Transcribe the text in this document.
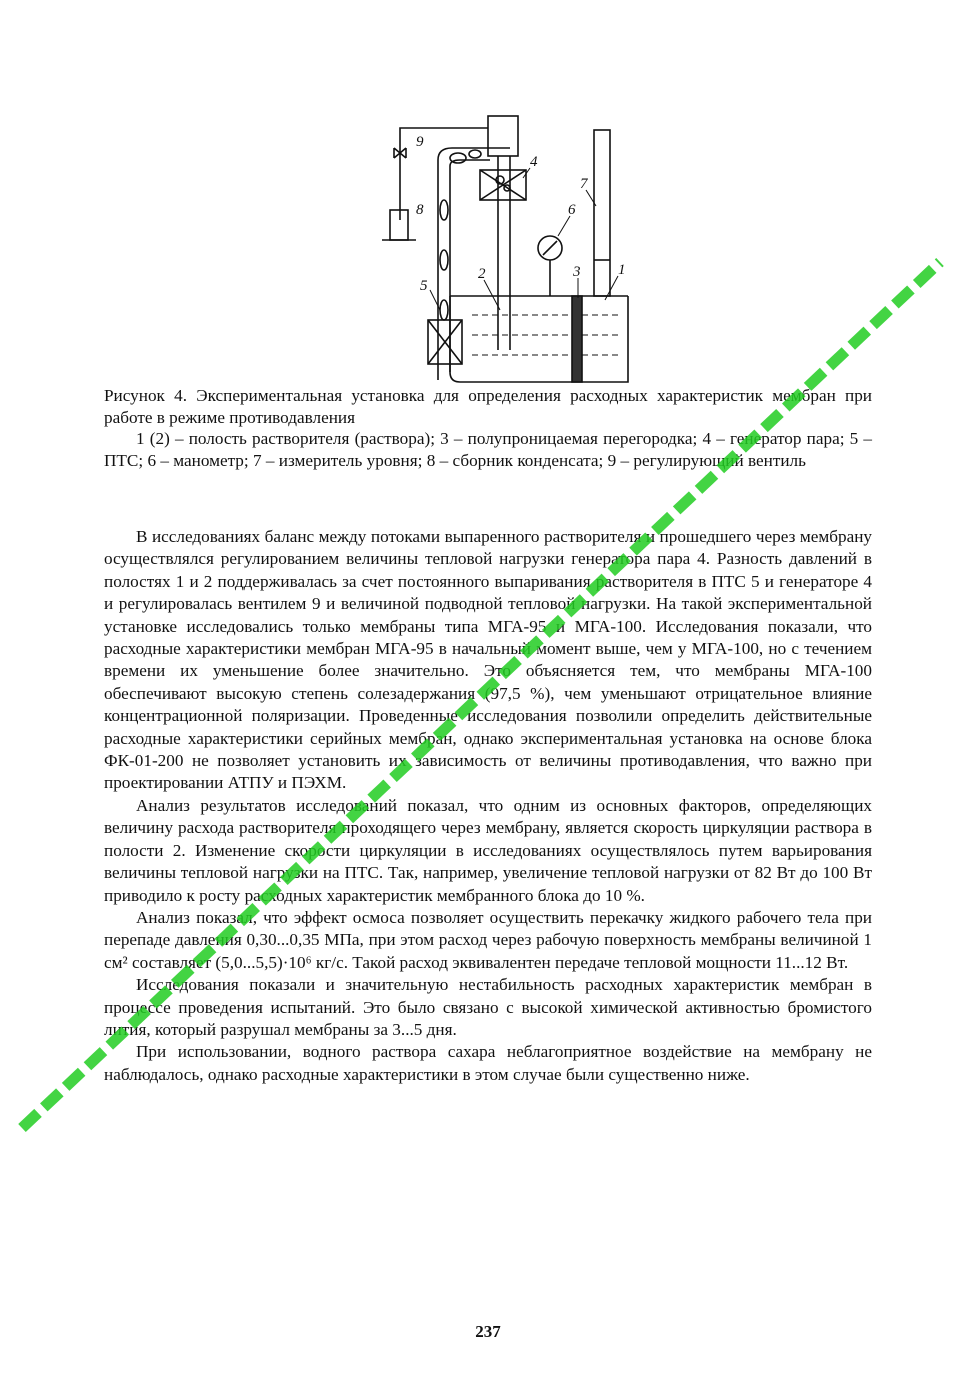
1
2	3
4
5
6
7
8
9

Рисунок 4. Экспериментальная установка для определения расходных характеристик мембран при работе в режиме противодавления

1 (2) – полость растворителя (раствора); 3 – полупроницаемая перегородка; 4 – генератор пара; 5 – ПТС; 6 – манометр; 7 – измеритель уровня; 8 – сборник конденсата; 9 – регулирующий вентиль

В исследованиях баланс между потоками выпаренного растворителя и прошедшего через мембрану осуществлялся регулированием величины тепловой нагрузки генератора пара 4. Разность давлений в полостях 1 и 2 поддерживалась за счет постоянного выпаривания растворителя в ПТС 5 и генераторе 4 и регулировалась вентилем 9 и величиной подводной тепловой нагрузки. На такой экспериментальной установке исследовались только мембраны типа МГА-95 и МГА-100. Исследования показали, что расходные характеристики мембран МГА-95 в начальный момент выше, чем у МГА-100, но с течением времени их уменьшение более значительно. Это объясняется тем, что мембраны МГА-100 обеспечивают высокую степень солезадержания (97,5 %), чем уменьшают отрицательное влияние концентрационной поляризации. Проведенные исследования позволили определить действительные расходные характеристики серийных мембран, однако экспериментальная установка на основе блока ФК-01-200 не позволяет установить их зависимость от величины противодавления, что важно при проектировании АТПУ и ПЭХМ.

Анализ результатов исследований показал, что одним из основных факторов, определяющих величину расхода растворителя проходящего через мембрану, является скорость циркуляции раствора в полости 2. Изменение скорости циркуляции в исследованиях осуществлялось путем варьирования величины тепловой нагрузки на ПТС. Так, например, увеличение тепловой нагрузки от 82 Вт до 100 Вт приводило к росту расходных характеристик мембранного блока до 10 %.

Анализ показал, что эффект осмоса позволяет осуществить перекачку жидкого рабочего тела при перепаде давления 0,30...0,35 МПа, при этом расход через рабочую поверхность мембраны величиной 1 см² составляет (5,0...5,5)·10⁶ кг/с. Такой расход эквивалентен передаче тепловой мощности 11...12 Вт.

Исследования показали и значительную нестабильность расходных характеристик мембран в процессе проведения испытаний. Это было связано с высокой химической активностью бромистого лития, который разрушал мембраны за 3...5 дня.

При использовании, водного раствора сахара неблагоприятное воздействие на мембрану не наблюдалось, однако расходные характеристики в этом случае были существенно ниже.

237
